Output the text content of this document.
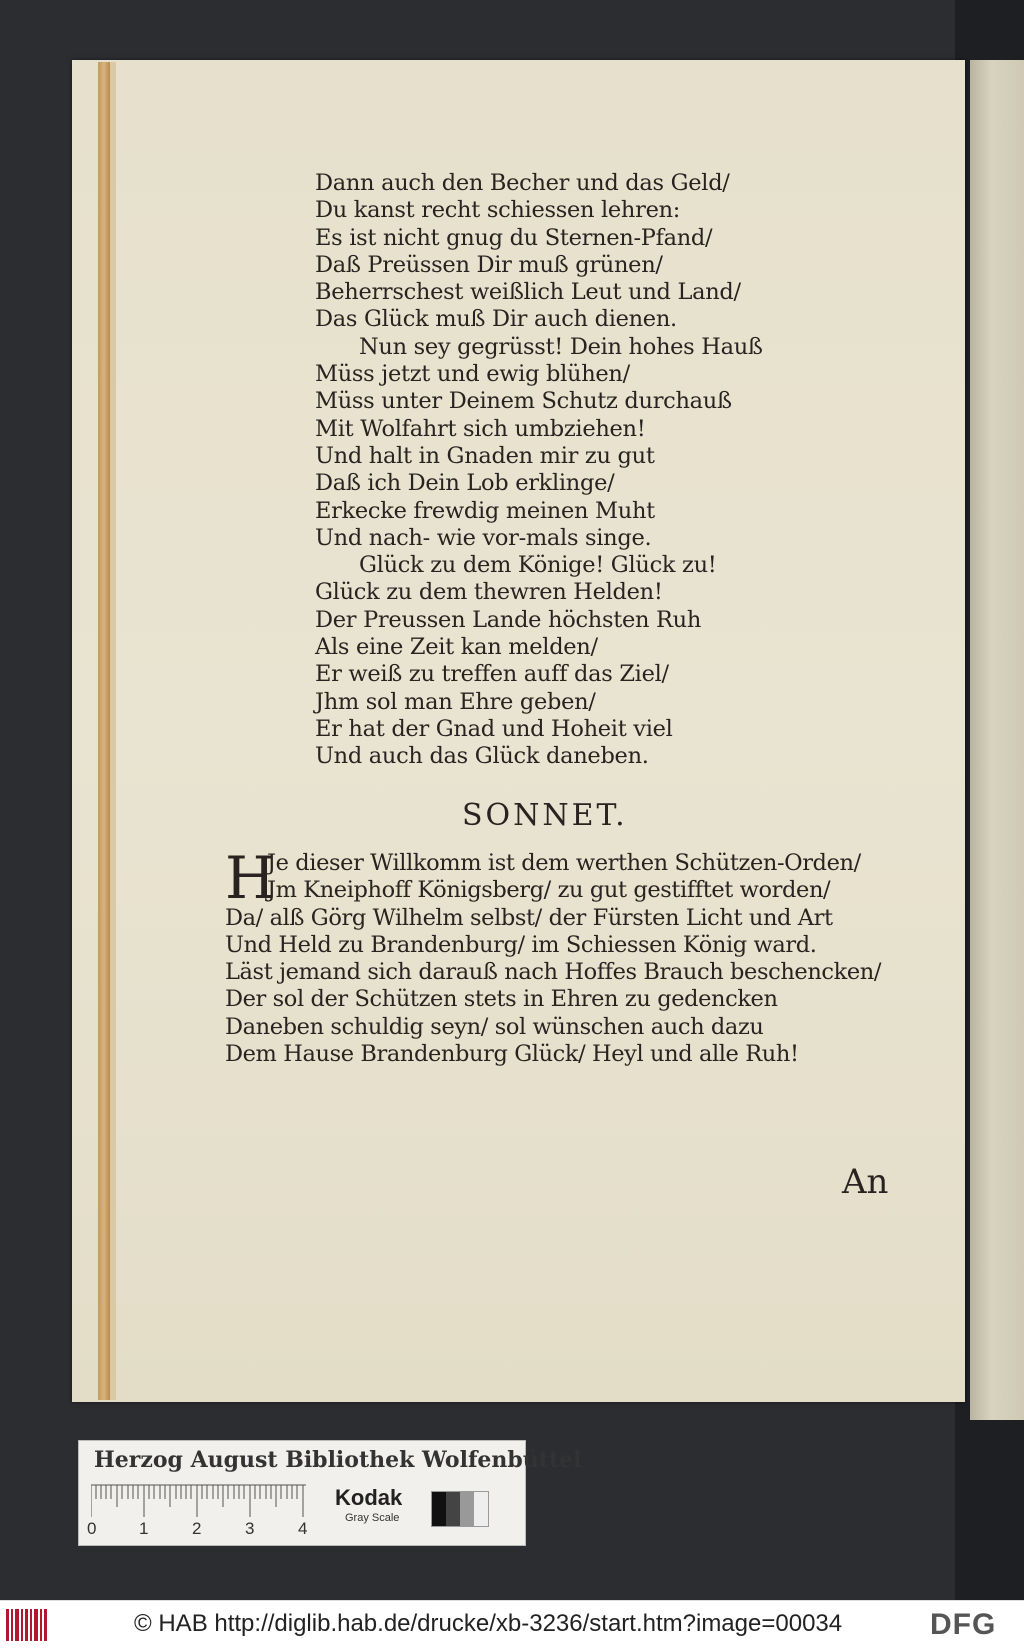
Dann auch den Becher und das Geld/
Du kanst recht schiessen lehren:
Es ist nicht gnug du Sternen-Pfand/
Daß Preüssen Dir muß grünen/
Beherrschest weißlich Leut und Land/
Das Glück muß Dir auch dienen.
Nun sey gegrüsst! Dein hohes Hauß
Müss jetzt und ewig blühen/
Müss unter Deinem Schutz durchauß
Mit Wolfahrt sich umbziehen!
Und halt in Gnaden mir zu gut
Daß ich Dein Lob erklinge/
Erkecke frewdig meinen Muht
Und nach- wie vor-mals singe.
Glück zu dem Könige! Glück zu!
Glück zu dem thewren Helden!
Der Preussen Lande höchsten Ruh
Als eine Zeit kan melden/
Er weiß zu treffen auff das Ziel/
Jhm sol man Ehre geben/
Er hat der Gnad und Hoheit viel
Und auch das Glück daneben.
SONNET.
H
Je dieser Willkomm ist dem werthen Schützen-Orden/
Jm Kneiphoff Königsberg/ zu gut gestifftet worden/
Da/ alß Görg Wilhelm selbst/ der Fürsten Licht und Art
Und Held zu Brandenburg/ im Schiessen König ward.
Läst jemand sich darauß nach Hoffes Brauch beschencken/
Der sol der Schützen stets in Ehren zu gedencken
Daneben schuldig seyn/ sol wünschen auch dazu
Dem Hause Brandenburg Glück/ Heyl und alle Ruh!
An
Herzog August Bibliothek Wolfenbüttel
0	1	2	3	4
Kodak
Gray Scale
© HAB http://diglib.hab.de/drucke/xb-3236/start.htm?image=00034	DFG
